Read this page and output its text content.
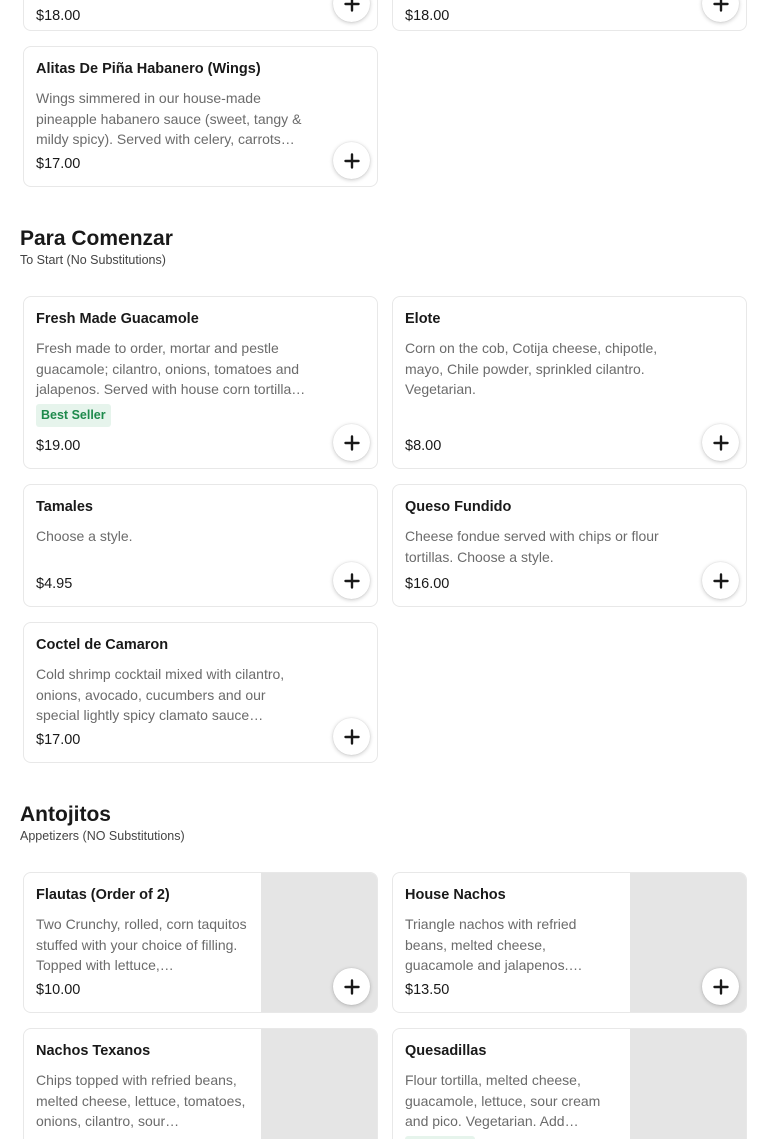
$18.00	$18.00
Alitas De Piña Habanero (Wings)
Wings simmered in our house-made pineapple habanero sauce (sweet, tangy & mildy spicy). Served with celery, carrots…
$17.00
Para Comenzar
To Start (No Substitutions)
Fresh Made Guacamole
Fresh made to order, mortar and pestle guacamole; cilantro, onions, tomatoes and jalapenos. Served with house corn tortilla…
Best Seller
$19.00
Elote
Corn on the cob, Cotija cheese, chipotle, mayo, Chile powder, sprinkled cilantro. Vegetarian.
$8.00
Tamales
Choose a style.
$4.95
Queso Fundido
Cheese fondue served with chips or flour tortillas. Choose a style.
$16.00
Coctel de Camaron
Cold shrimp cocktail mixed with cilantro, onions, avocado, cucumbers and our special lightly spicy clamato sauce…
$17.00
Antojitos
Appetizers (NO Substitutions)
Flautas (Order of 2)
Two Crunchy, rolled, corn taquitos stuffed with your choice of filling. Topped with lettuce,…
$10.00
House Nachos
Triangle nachos with refried beans, melted cheese, guacamole and jalapenos.…
$13.50
Nachos Texanos
Chips topped with refried beans, melted cheese, lettuce, tomatoes, onions, cilantro, sour…
Quesadillas
Flour tortilla, melted cheese, guacamole, lettuce, sour cream and pico. Vegetarian. Add…
